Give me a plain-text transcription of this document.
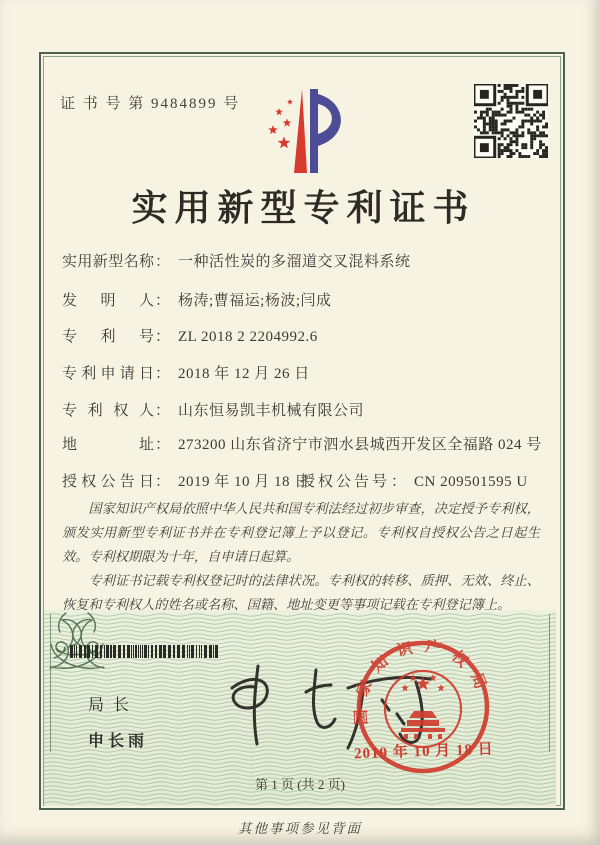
证 书 号 第 9484899 号
实用新型专利证书
实用新型名称： 一种活性炭的多溜道交叉混料系统
发明人： 杨涛;曹福运;杨波;闫成
专利号： ZL 2018 2 2204992.6
专利申请日： 2018 年 12 月 26 日
专利权人： 山东恒易凯丰机械有限公司
地址： 273200 山东省济宁市泗水县城西开发区全福路 024 号
授权公告日： 2019 年 10 月 18 日
授权公告号： CN 209501595 U

国家知识产权局依照中华人民共和国专利法经过初步审查，决定授予专利权，颁发实用新型专利证书并在专利登记簿上予以登记。专利权自授权公告之日起生效。专利权期限为十年，自申请日起算。

专利证书记载专利权登记时的法律状况。专利权的转移、质押、无效、终止、恢复和专利权人的姓名或名称、国籍、地址变更等事项记载在专利登记簿上。

局长
申长雨
国家知识产权局
2019 年 10 月 18 日
第 1 页 (共 2 页)
其他事项参见背面
